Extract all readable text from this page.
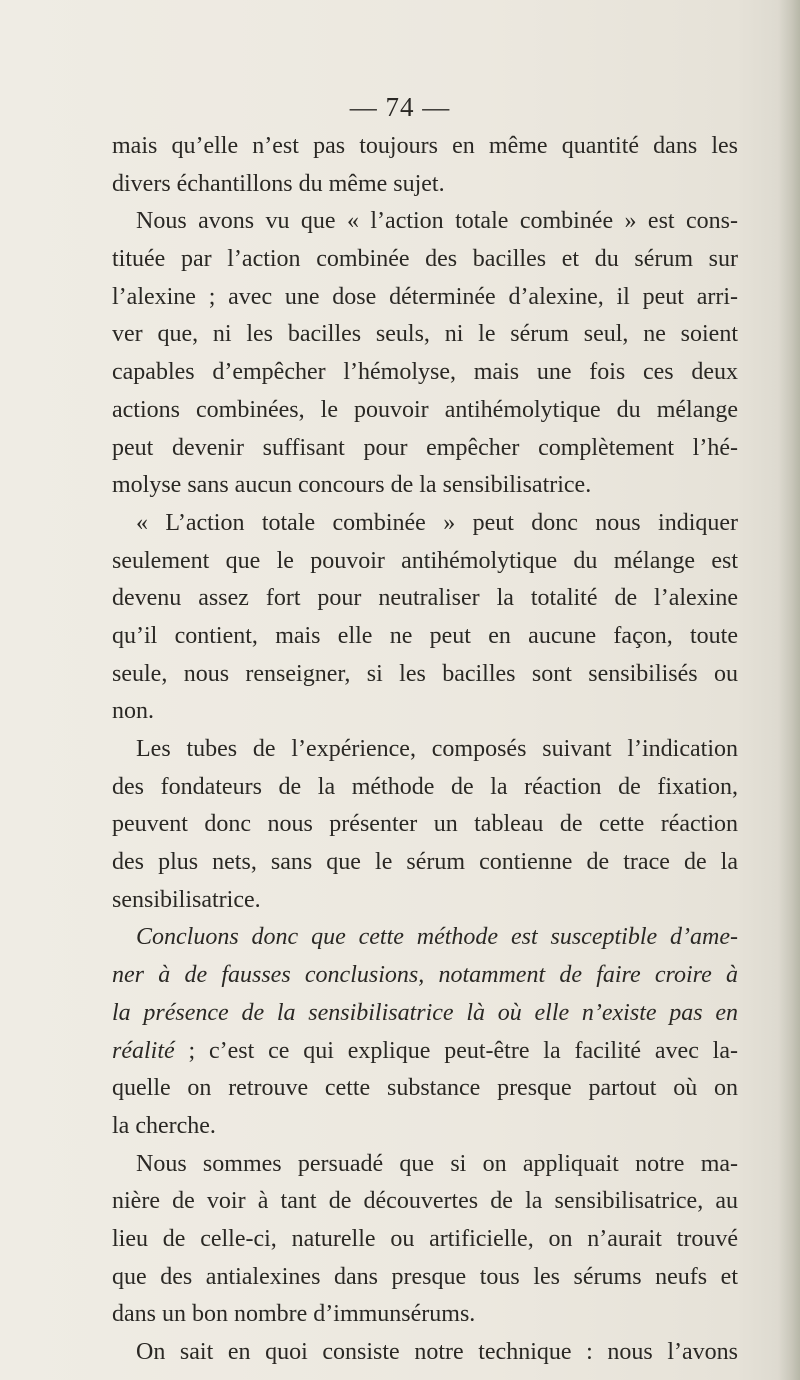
— 74 —
mais qu’elle n’est pas toujours en même quantité dans les
divers échantillons du même sujet.
Nous avons vu que « l’action totale combinée » est cons-
tituée par l’action combinée des bacilles et du sérum sur
l’alexine ; avec une dose déterminée d’alexine, il peut arri-
ver que, ni les bacilles seuls, ni le sérum seul, ne soient
capables d’empêcher l’hémolyse, mais une fois ces deux
actions combinées, le pouvoir antihémolytique du mélange
peut devenir suffisant pour empêcher complètement l’hé-
molyse sans aucun concours de la sensibilisatrice.
« L’action totale combinée » peut donc nous indiquer
seulement que le pouvoir antihémolytique du mélange est
devenu assez fort pour neutraliser la totalité de l’alexine
qu’il contient, mais elle ne peut en aucune façon, toute
seule, nous renseigner, si les bacilles sont sensibilisés ou
non.
Les tubes de l’expérience, composés suivant l’indication
des fondateurs de la méthode de la réaction de fixation,
peuvent donc nous présenter un tableau de cette réaction
des plus nets, sans que le sérum contienne de trace de la
sensibilisatrice.
Concluons donc que cette méthode est susceptible d’ame-
ner à de fausses conclusions, notamment de faire croire à
la présence de la sensibilisatrice là où elle n’existe pas en
réalité ; c’est ce qui explique peut-être la facilité avec la-
quelle on retrouve cette substance presque partout où on
la cherche.
Nous sommes persuadé que si on appliquait notre ma-
nière de voir à tant de découvertes de la sensibilisatrice, au
lieu de celle-ci, naturelle ou artificielle, on n’aurait trouvé
que des antialexines dans presque tous les sérums neufs et
dans un bon nombre d’immunsérums.
On sait en quoi consiste notre technique : nous l’avons
